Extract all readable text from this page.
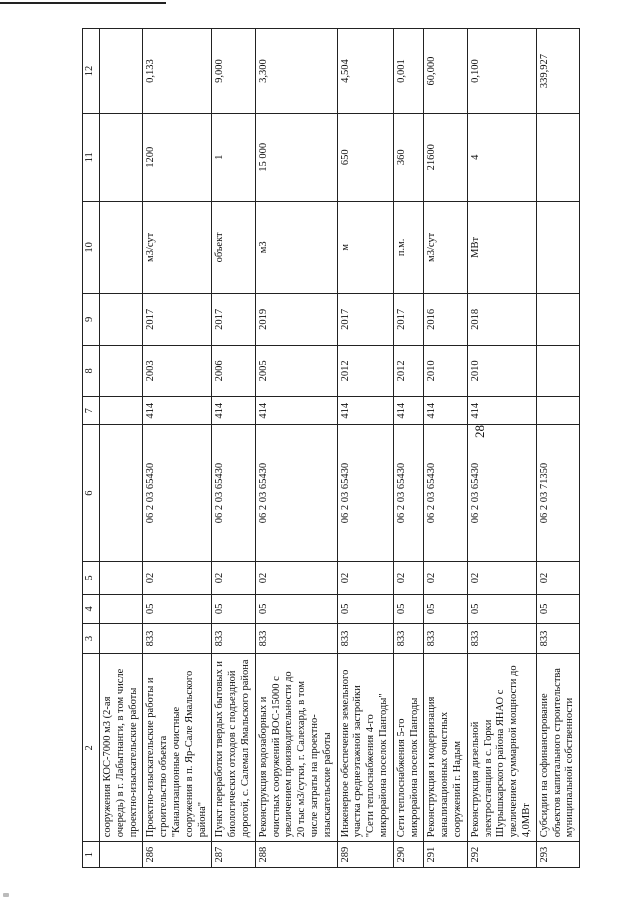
28
1	2	3	4	5	6	7	8	9	10	11	12
	сооружения КОС-7000 м3 (2-ая очередь) в г. Лабытнанги, в том числе проектно-изыскательские работы										
286	Проектно-изыскательские работы и строительство объекта "Канализационные очистные сооружения в п. Яр-Сале Ямальского района"	833	05	02	06 2 03 65430	414	2003	2017	м3/сут	1200	0,133
287	Пункт переработки твердых бытовых и биологических отходов с подъездной дорогой, с. Салемал Ямальского района	833	05	02	06 2 03 65430	414	2006	2017	объект	1	9,000
288	Реконструкция водозаборных и очистных сооружений ВОС-15000 с увеличением производительности до 20 тыс м3/сутки, г. Салехард, в том числе затраты на проектно-изыскательские работы	833	05	02	06 2 03 65430	414	2005	2019	м3	15 000	3,300
289	Инженерное обеспечение земельного участка среднеэтажной застройки "Сети теплоснабжения 4-го микрорайона поселок Пангоды"	833	05	02	06 2 03 65430	414	2012	2017	м	650	4,504
290	Сети теплоснабжения 5-го микрорайона поселок Пангоды	833	05	02	06 2 03 65430	414	2012	2017	п.м.	360	0,001
291	Реконструкция и модернизация канализационных очистных сооружений г. Надым	833	05	02	06 2 03 65430	414	2010	2016	м3/сут	21600	60,000
292	Реконструкция дизельной электростанции в с. Горки Шурышкарского района ЯНАО с увеличением суммарной мощности до 4,0МВт	833	05	02	06 2 03 65430	414	2010	2018	МВт	4	0,100
293	Субсидии на софинансирование объектов капитального строительства муниципальной собственности	833	05	02	06 2 03 71350						339,927
